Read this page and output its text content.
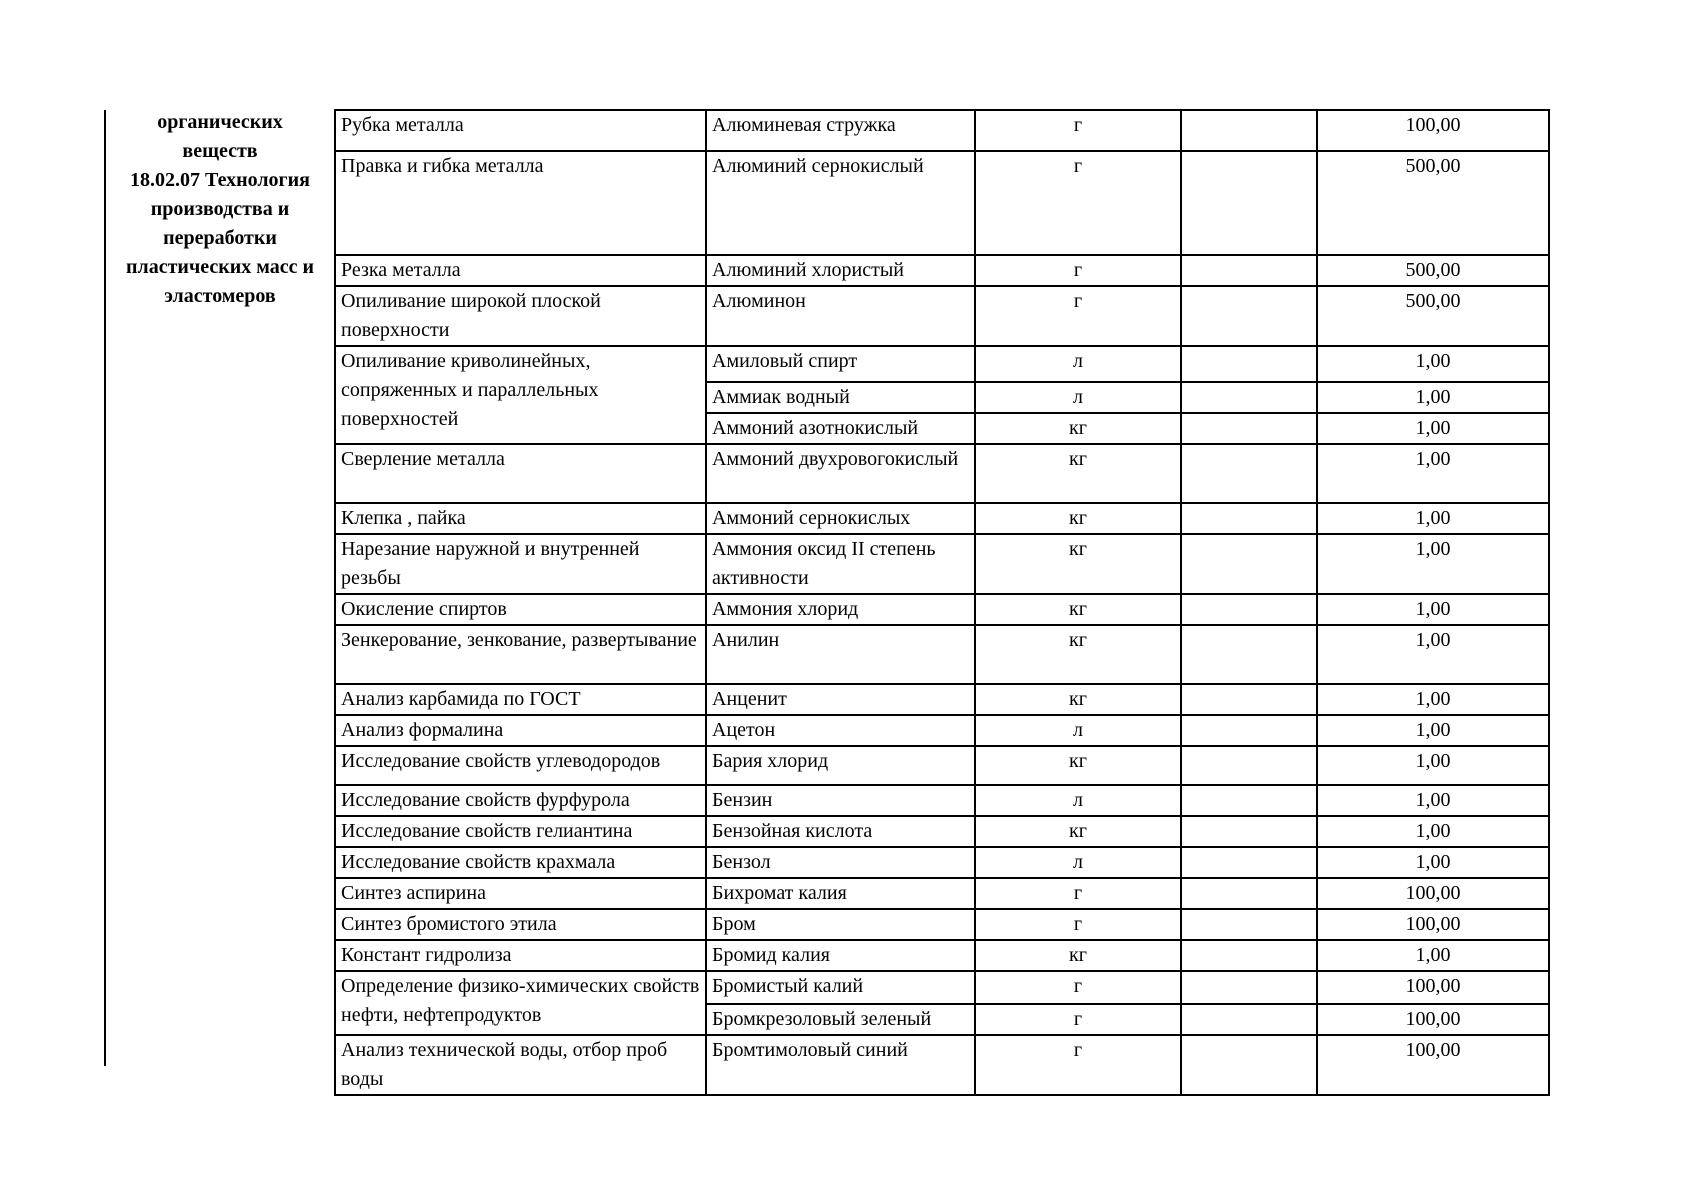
органических
веществ
18.02.07 Технология
производства и
переработки
пластических масс и
эластомеров
Рубка металла	Алюминевая стружка	г		100,00
Правка и гибка металла	Алюминий сернокислый	г		500,00
Резка металла	Алюминий хлористый	г		500,00
Опиливание широкой плоской поверхности	Алюминон	г		500,00
Опиливание криволинейных, сопряженных и параллельных поверхностей	Амиловый спирт	л		1,00
	Аммиак водный	л		1,00
	Аммоний азотнокислый	кг		1,00
Сверление металла	Аммоний двухровогокислый	кг		1,00
Клепка , пайка	Аммоний сернокислых	кг		1,00
Нарезание наружной и внутренней резьбы	Аммония оксид II степень активности	кг		1,00
Окисление спиртов	Аммония хлорид	кг		1,00
Зенкерование, зенкование, развертывание	Анилин	кг		1,00
Анализ карбамида по ГОСТ	Анценит	кг		1,00
Анализ формалина	Ацетон	л		1,00
Исследование свойств углеводородов	Бария хлорид	кг		1,00
Исследование свойств фурфурола	Бензин	л		1,00
Исследование свойств гелиантина	Бензойная кислота	кг		1,00
Исследование свойств крахмала	Бензол	л		1,00
Синтез аспирина	Бихромат калия	г		100,00
Синтез бромистого этила	Бром	г		100,00
Констант гидролиза	Бромид калия	кг		1,00
Определение физико-химических свойств нефти, нефтепродуктов	Бромистый калий	г		100,00
	Бромкрезоловый зеленый	г		100,00
Анализ технической воды, отбор проб воды	Бромтимоловый синий	г		100,00
